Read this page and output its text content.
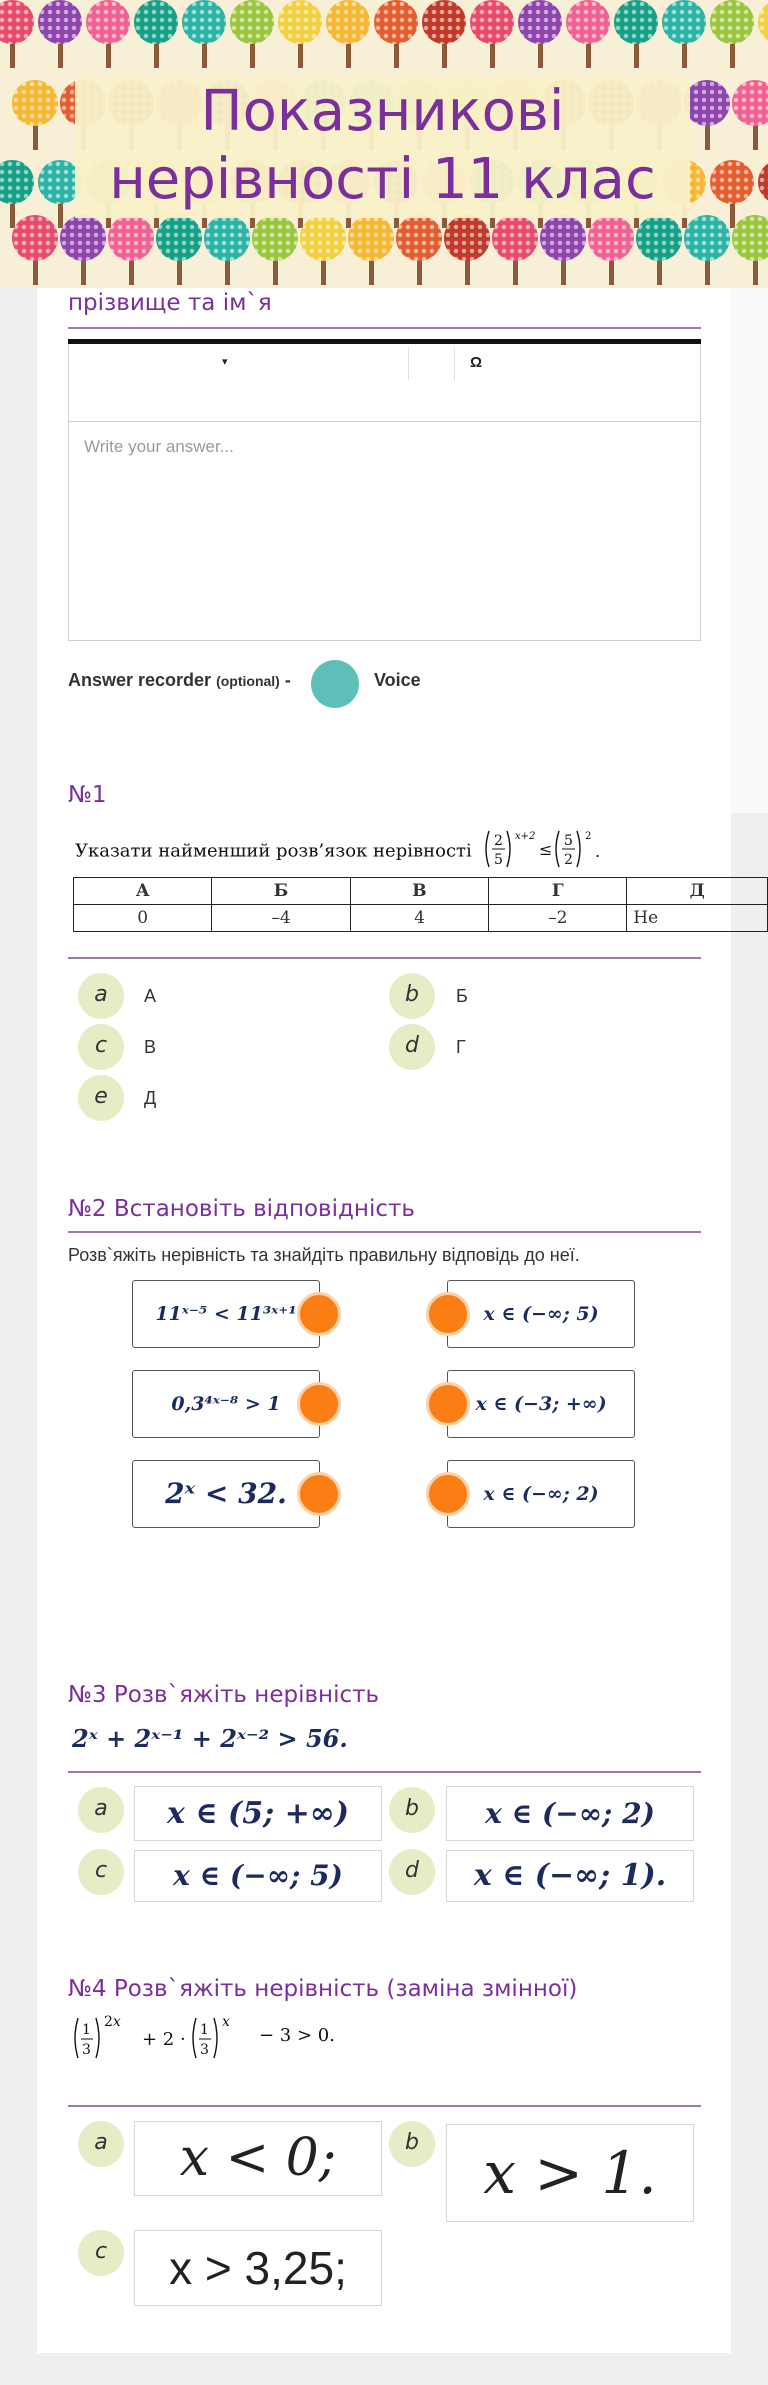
Показникові
нерівності 11 клас
прізвище та ім`я
▾	Ω
Write your answer...
Answer recorder (optional) -	Voice
№1
Указати найменший розв’язок нерівності 2
5
x+2
≤ 5
2
2
.
А	Б	В	Г	Д
0	–4	4	–2	Не
a	А	b	Б
c	В	d	Г
e	Д
№2 Встановіть відповідність
Розв`яжіть нерівність та знайдіть правильну відповідь до неї.
11ˣ⁻⁵ < 11³ˣ⁺¹	x ∈ (−∞; 5)
0,3⁴ˣ⁻⁸ > 1	x ∈ (−3; +∞)
2ˣ < 32.	x ∈ (−∞; 2)
№3 Розв`яжіть нерівність
2ˣ + 2ˣ⁻¹ + 2ˣ⁻² > 56.
a	x ∈ (5; +∞)	b	x ∈ (−∞; 2)
c	x ∈ (−∞; 5)	d	x ∈ (−∞; 1).
№4 Розв`яжіть нерівність (заміна змінної)
1
3
2x
+ 2 · 1
3
x
− 3 > 0.
a	x < 0;	b	x > 1.
c	x > 3,25;
